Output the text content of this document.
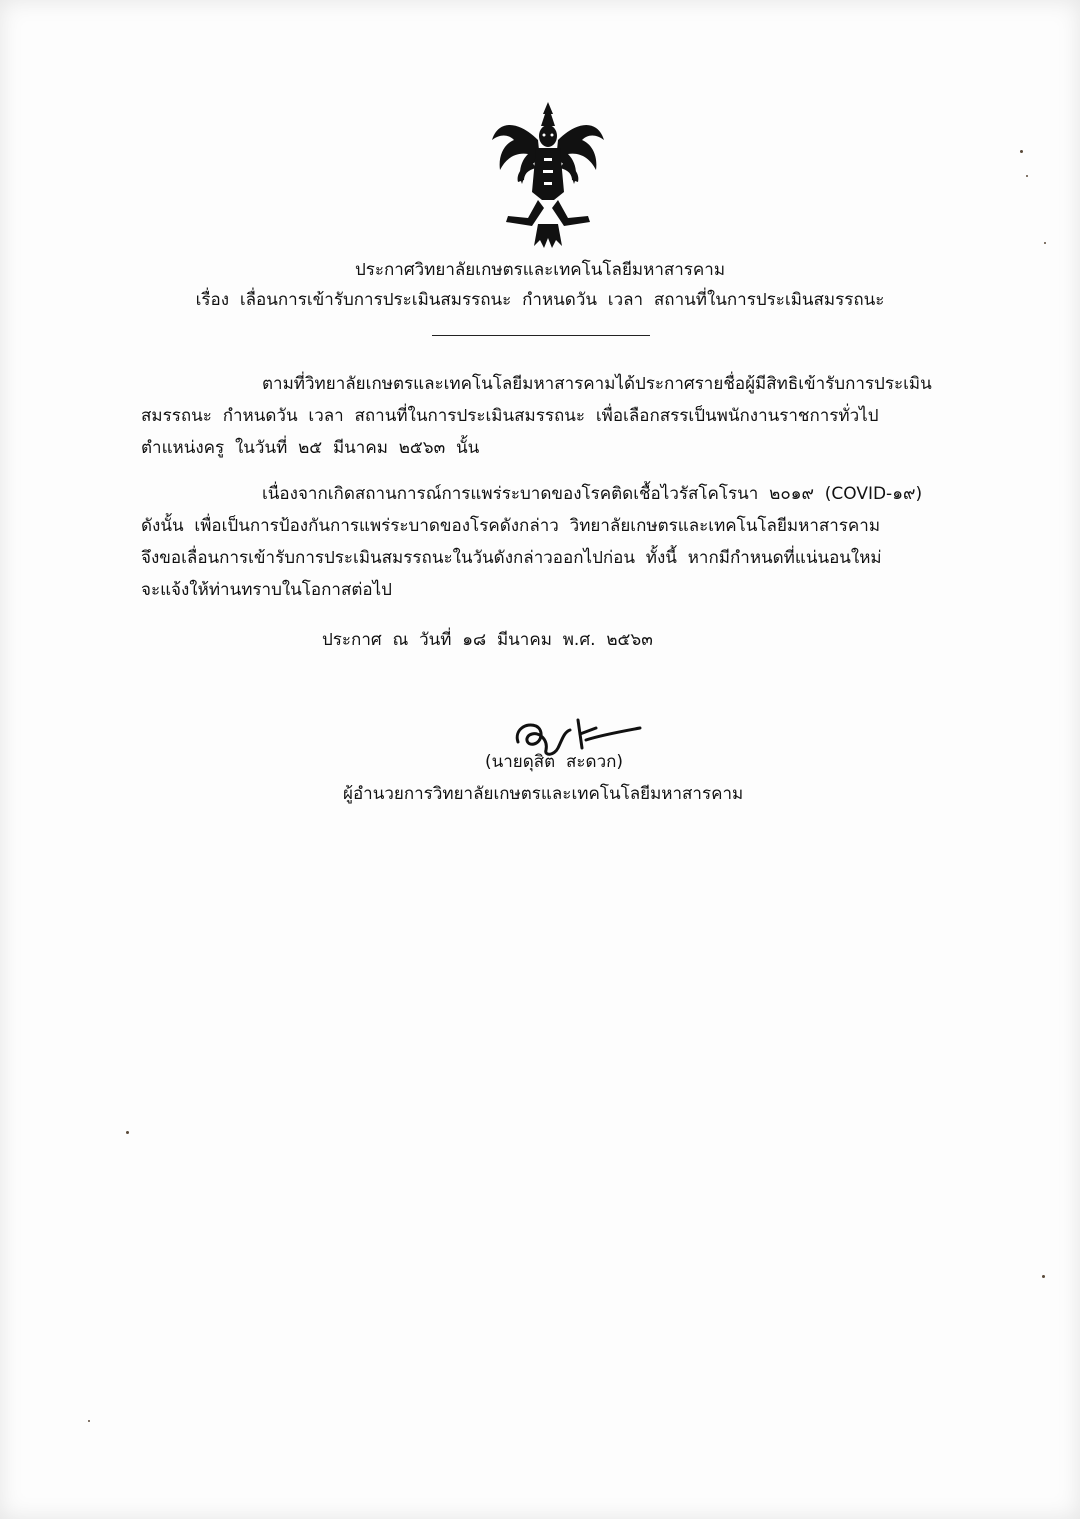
ประกาศวิทยาลัยเกษตรและเทคโนโลยีมหาสารคาม
เรื่อง  เลื่อนการเข้ารับการประเมินสมรรถนะ  กำหนดวัน  เวลา  สถานที่ในการประเมินสมรรถนะ
ตามที่วิทยาลัยเกษตรและเทคโนโลยีมหาสารคามได้ประกาศรายชื่อผู้มีสิทธิเข้ารับการประเมิน
สมรรถนะ  กำหนดวัน  เวลา  สถานที่ในการประเมินสมรรถนะ  เพื่อเลือกสรรเป็นพนักงานราชการทั่วไป
ตำแหน่งครู  ในวันที่  ๒๕  มีนาคม  ๒๕๖๓  นั้น
เนื่องจากเกิดสถานการณ์การแพร่ระบาดของโรคติดเชื้อไวรัสโคโรนา  ๒๐๑๙  (COVID-๑๙)
ดังนั้น  เพื่อเป็นการป้องกันการแพร่ระบาดของโรคดังกล่าว  วิทยาลัยเกษตรและเทคโนโลยีมหาสารคาม
จึงขอเลื่อนการเข้ารับการประเมินสมรรถนะในวันดังกล่าวออกไปก่อน  ทั้งนี้  หากมีกำหนดที่แน่นอนใหม่
จะแจ้งให้ท่านทราบในโอกาสต่อไป
ประกาศ  ณ  วันที่  ๑๘  มีนาคม  พ.ศ.  ๒๕๖๓
(นายดุสิต  สะดวก)
ผู้อำนวยการวิทยาลัยเกษตรและเทคโนโลยีมหาสารคาม
